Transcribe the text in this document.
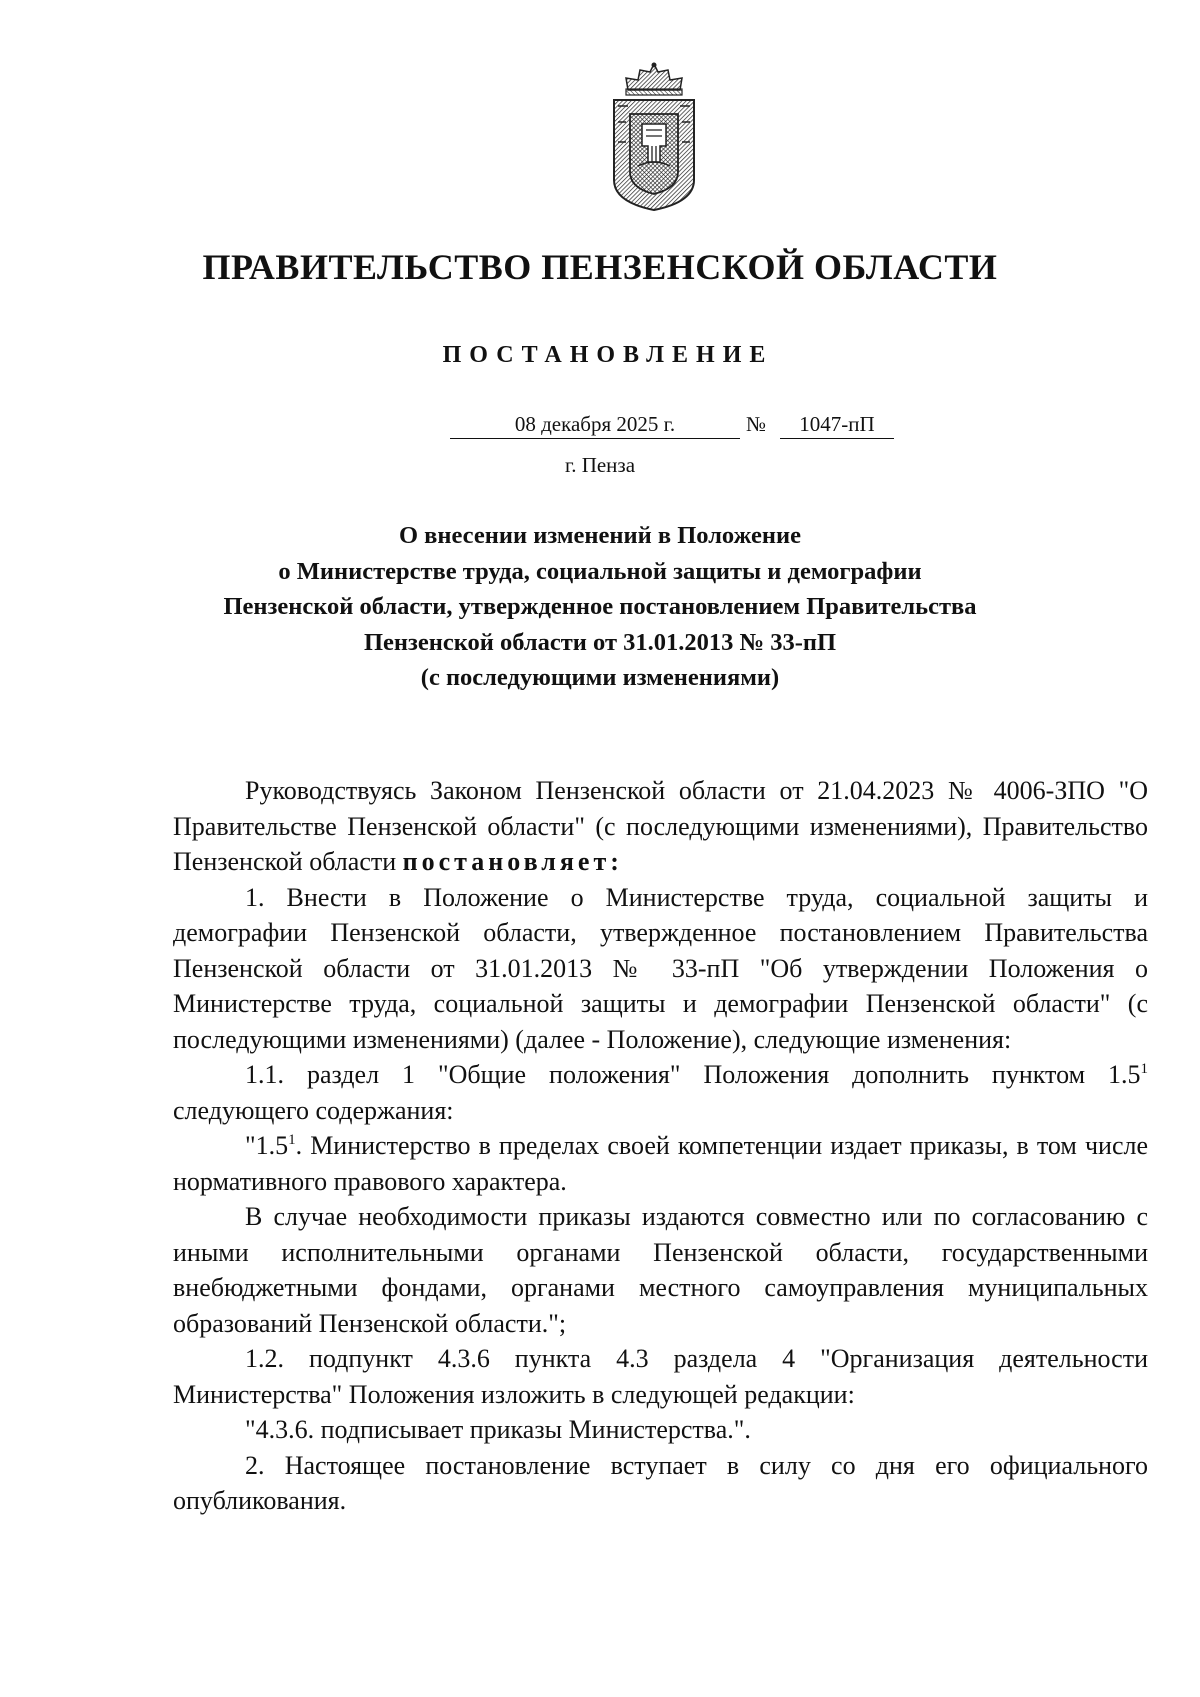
ПРАВИТЕЛЬСТВО ПЕНЗЕНСКОЙ ОБЛАСТИ
ПОСТАНОВЛЕНИЕ
08 декабря 2025 г.	№	1047-пП
г. Пенза
О внесении изменений в Положение
о Министерстве труда, социальной защиты и демографии
Пензенской области, утвержденное постановлением Правительства
Пензенской области от 31.01.2013 № 33-пП
(с последующими изменениями)

Руководствуясь Законом Пензенской области от 21.04.2023 № 4006-ЗПО "О Правительстве Пензенской области" (с последующими изменениями), Правительство Пензенской области постановляет:

1. Внести в Положение о Министерстве труда, социальной защиты и демографии Пензенской области, утвержденное постановлением Правительства Пензенской области от 31.01.2013 № 33-пП "Об утверждении Положения о Министерстве труда, социальной защиты и демографии Пензенской области" (с последующими изменениями) (далее - Положение), следующие изменения:

1.1. раздел 1 "Общие положения" Положения дополнить пунктом $1.5^1$ следующего содержания:

"$1.5^1$. Министерство в пределах своей компетенции издает приказы, в том числе нормативного правового характера.

В случае необходимости приказы издаются совместно или по согласованию с иными исполнительными органами Пензенской области, государственными внебюджетными фондами, органами местного самоуправления муниципальных образований Пензенской области.";

1.2. подпункт 4.3.6 пункта 4.3 раздела 4 "Организация деятельности Министерства" Положения изложить в следующей редакции:

"4.3.6. подписывает приказы Министерства.".

2. Настоящее постановление вступает в силу со дня его официального опубликования.
